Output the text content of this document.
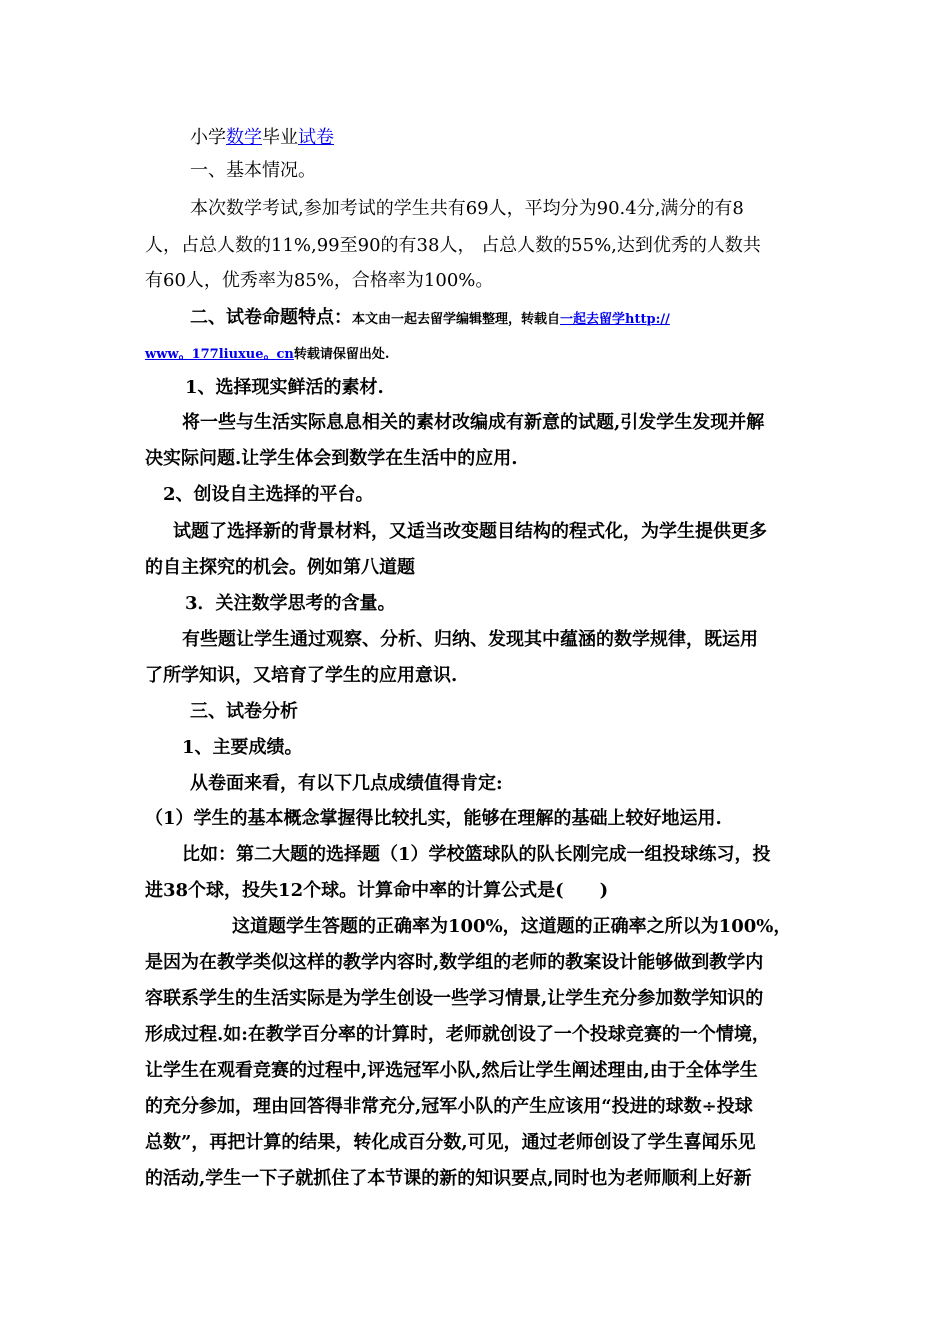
小学数学毕业试卷
一、基本情况。
本次数学考试,参加考试的学生共有69人，平均分为90.4分,满分的有8
人，占总人数的11%,99至90的有38人， 占总人数的55%,达到优秀的人数共
有60人，优秀率为85%，合格率为100%。
二、试卷命题特点：本文由一起去留学编辑整理，转载自一起去留学http://
www。177liuxue。cn转载请保留出处.
1、选择现实鲜活的素材.
将一些与生活实际息息相关的素材改编成有新意的试题,引发学生发现并解
决实际问题.让学生体会到数学在生活中的应用.
2、创设自主选择的平台。
试题了选择新的背景材料，又适当改变题目结构的程式化，为学生提供更多
的自主探究的机会。例如第八道题
3．关注数学思考的含量。
有些题让学生通过观察、分析、归纳、发现其中蕴涵的数学规律，既运用
了所学知识，又培育了学生的应用意识.
三、试卷分析
1、主要成绩。
从卷面来看，有以下几点成绩值得肯定:
（1）学生的基本概念掌握得比较扎实，能够在理解的基础上较好地运用.
比如：第二大题的选择题（1）学校篮球队的队长刚完成一组投球练习，投
进38个球，投失12个球。计算命中率的计算公式是(　　)
这道题学生答题的正确率为100%，这道题的正确率之所以为100%，
是因为在教学类似这样的教学内容时,数学组的老师的教案设计能够做到教学内
容联系学生的生活实际是为学生创设一些学习情景,让学生充分参加数学知识的
形成过程.如:在教学百分率的计算时，老师就创设了一个投球竞赛的一个情境，
让学生在观看竞赛的过程中,评选冠军小队,然后让学生阐述理由,由于全体学生
的充分参加，理由回答得非常充分,冠军小队的产生应该用“投进的球数÷投球
总数”，再把计算的结果，转化成百分数,可见，通过老师创设了学生喜闻乐见
的活动,学生一下子就抓住了本节课的新的知识要点,同时也为老师顺利上好新
